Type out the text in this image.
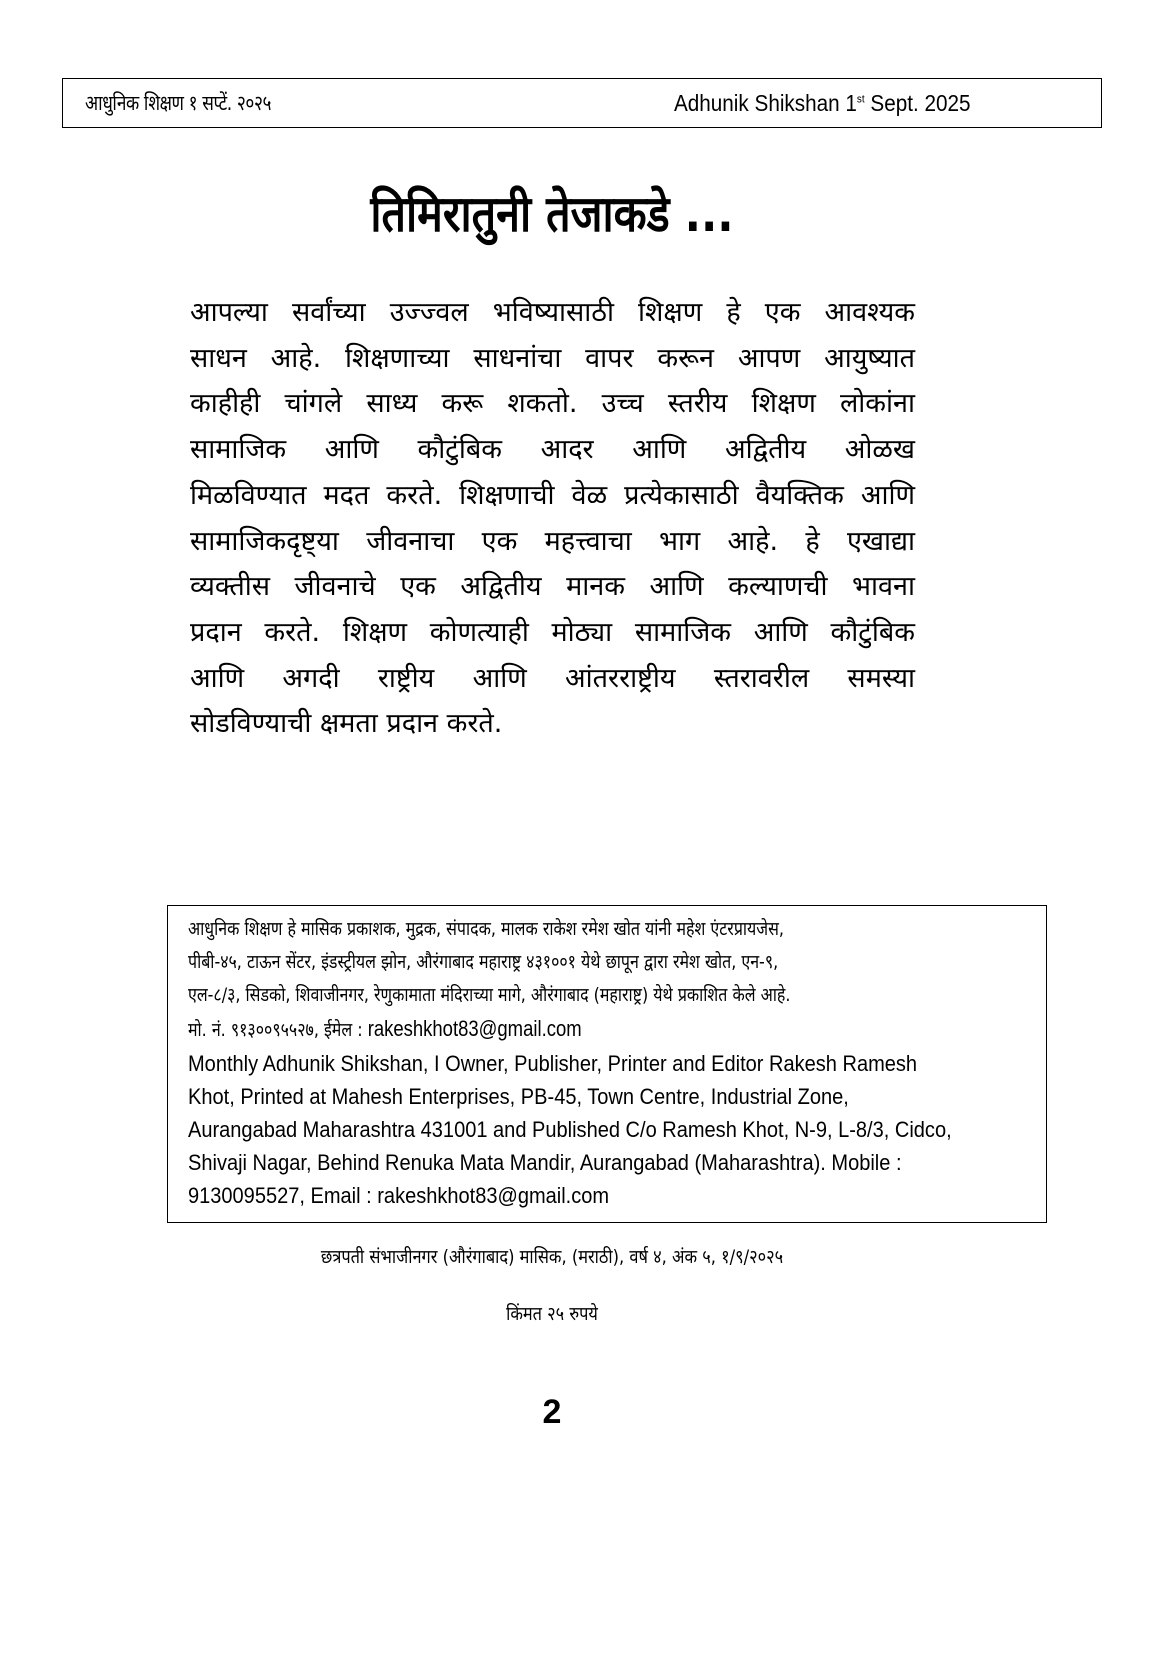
आधुनिक शिक्षण १ सप्टें. २०२५	Adhunik Shikshan 1st Sept. 2025
तिमिरातुनी तेजाकडे ...
आपल्या सर्वांच्या उज्ज्वल भविष्यासाठी शिक्षण हे एक आवश्यक
साधन आहे. शिक्षणाच्या साधनांचा वापर करून आपण आयुष्यात
काहीही चांगले साध्य करू शकतो. उच्च स्तरीय शिक्षण लोकांना
सामाजिक आणि कौटुंबिक आदर आणि अद्वितीय ओळख
मिळविण्यात मदत करते. शिक्षणाची वेळ प्रत्येकासाठी वैयक्तिक आणि
सामाजिकदृष्ट्या जीवनाचा एक महत्त्वाचा भाग आहे. हे एखाद्या
व्यक्तीस जीवनाचे एक अद्वितीय मानक आणि कल्याणची भावना
प्रदान करते. शिक्षण कोणत्याही मोठ्या सामाजिक आणि कौटुंबिक
आणि अगदी राष्ट्रीय आणि आंतरराष्ट्रीय स्तरावरील समस्या
सोडविण्याची क्षमता प्रदान करते.
आधुनिक शिक्षण हे मासिक प्रकाशक, मुद्रक, संपादक, मालक राकेश रमेश खोत यांनी महेश एंटरप्रायजेस,
पीबी-४५, टाऊन सेंटर, इंडस्ट्रीयल झोन, औरंगाबाद महाराष्ट्र ४३१००१ येथे छापून द्वारा रमेश खोत, एन-९,
एल-८/३, सिडको, शिवाजीनगर, रेणुकामाता मंदिराच्या मागे, औरंगाबाद (महाराष्ट्र) येथे प्रकाशित केले आहे.
मो. नं. ९१३००९५५२७, ईमेल : rakeshkhot83@gmail.com
Monthly Adhunik Shikshan, I Owner, Publisher, Printer and Editor Rakesh Ramesh
Khot, Printed at Mahesh Enterprises, PB-45, Town Centre, Industrial Zone,
Aurangabad Maharashtra 431001 and Published C/o Ramesh Khot, N-9, L-8/3, Cidco,
Shivaji Nagar, Behind Renuka Mata Mandir, Aurangabad (Maharashtra). Mobile :
9130095527, Email : rakeshkhot83@gmail.com
छत्रपती संभाजीनगर (औरंगाबाद) मासिक, (मराठी), वर्ष ४, अंक ५, १/९/२०२५
किंमत २५ रुपये
2
